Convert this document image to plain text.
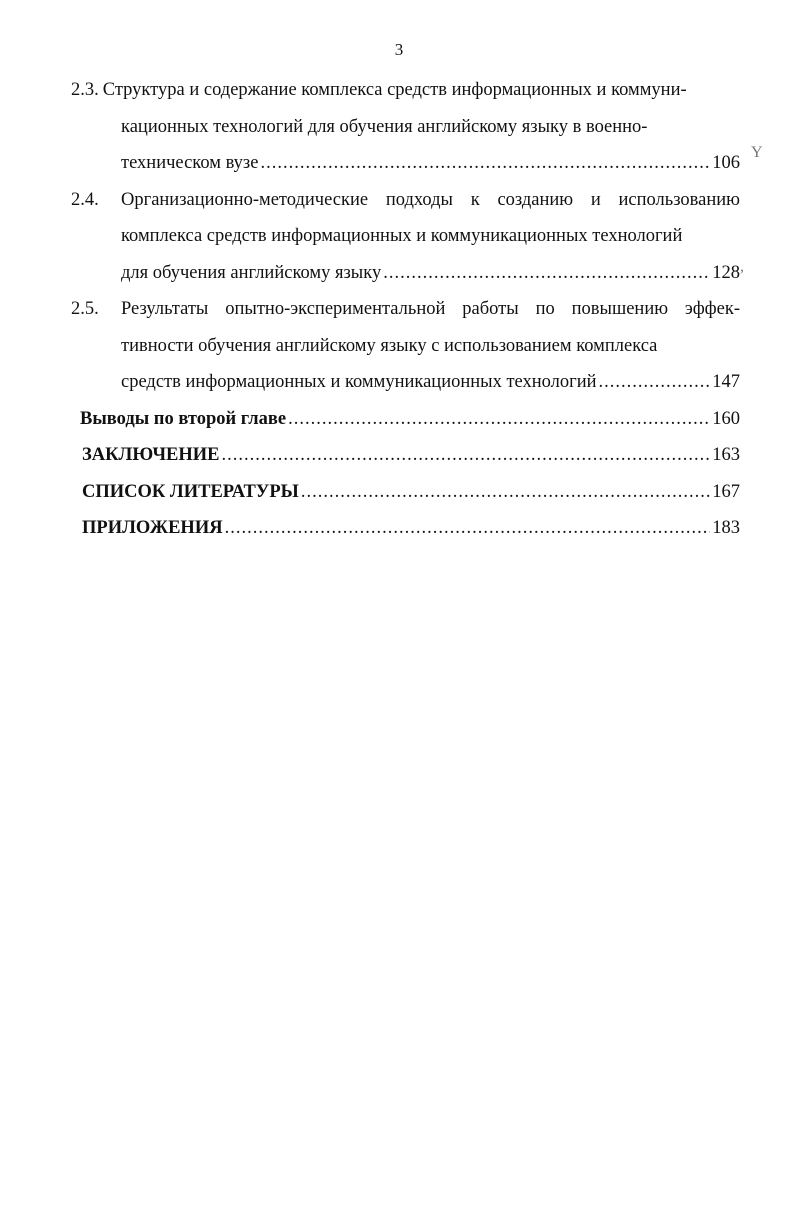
3
2.3. Структура и содержание комплекса средств информационных и коммуни-
кационных технологий для обучения английскому языку в военно-
техническом вузе .....	106
2.4.	Организационно-методические подходы к созданию и использованию
комплекса средств информационных и коммуникационных технологий
для обучения английскому языку .....	128
2.5.	Результаты опытно-экспериментальной работы по повышению эффек-
тивности обучения английскому языку с использованием комплекса
средств информационных и коммуникационных технологий .....	147
Выводы по второй главе .....	160
ЗАКЛЮЧЕНИЕ .....	163
СПИСОК ЛИТЕРАТУРЫ .....	167
ПРИЛОЖЕНИЯ .....	183
Y
,
